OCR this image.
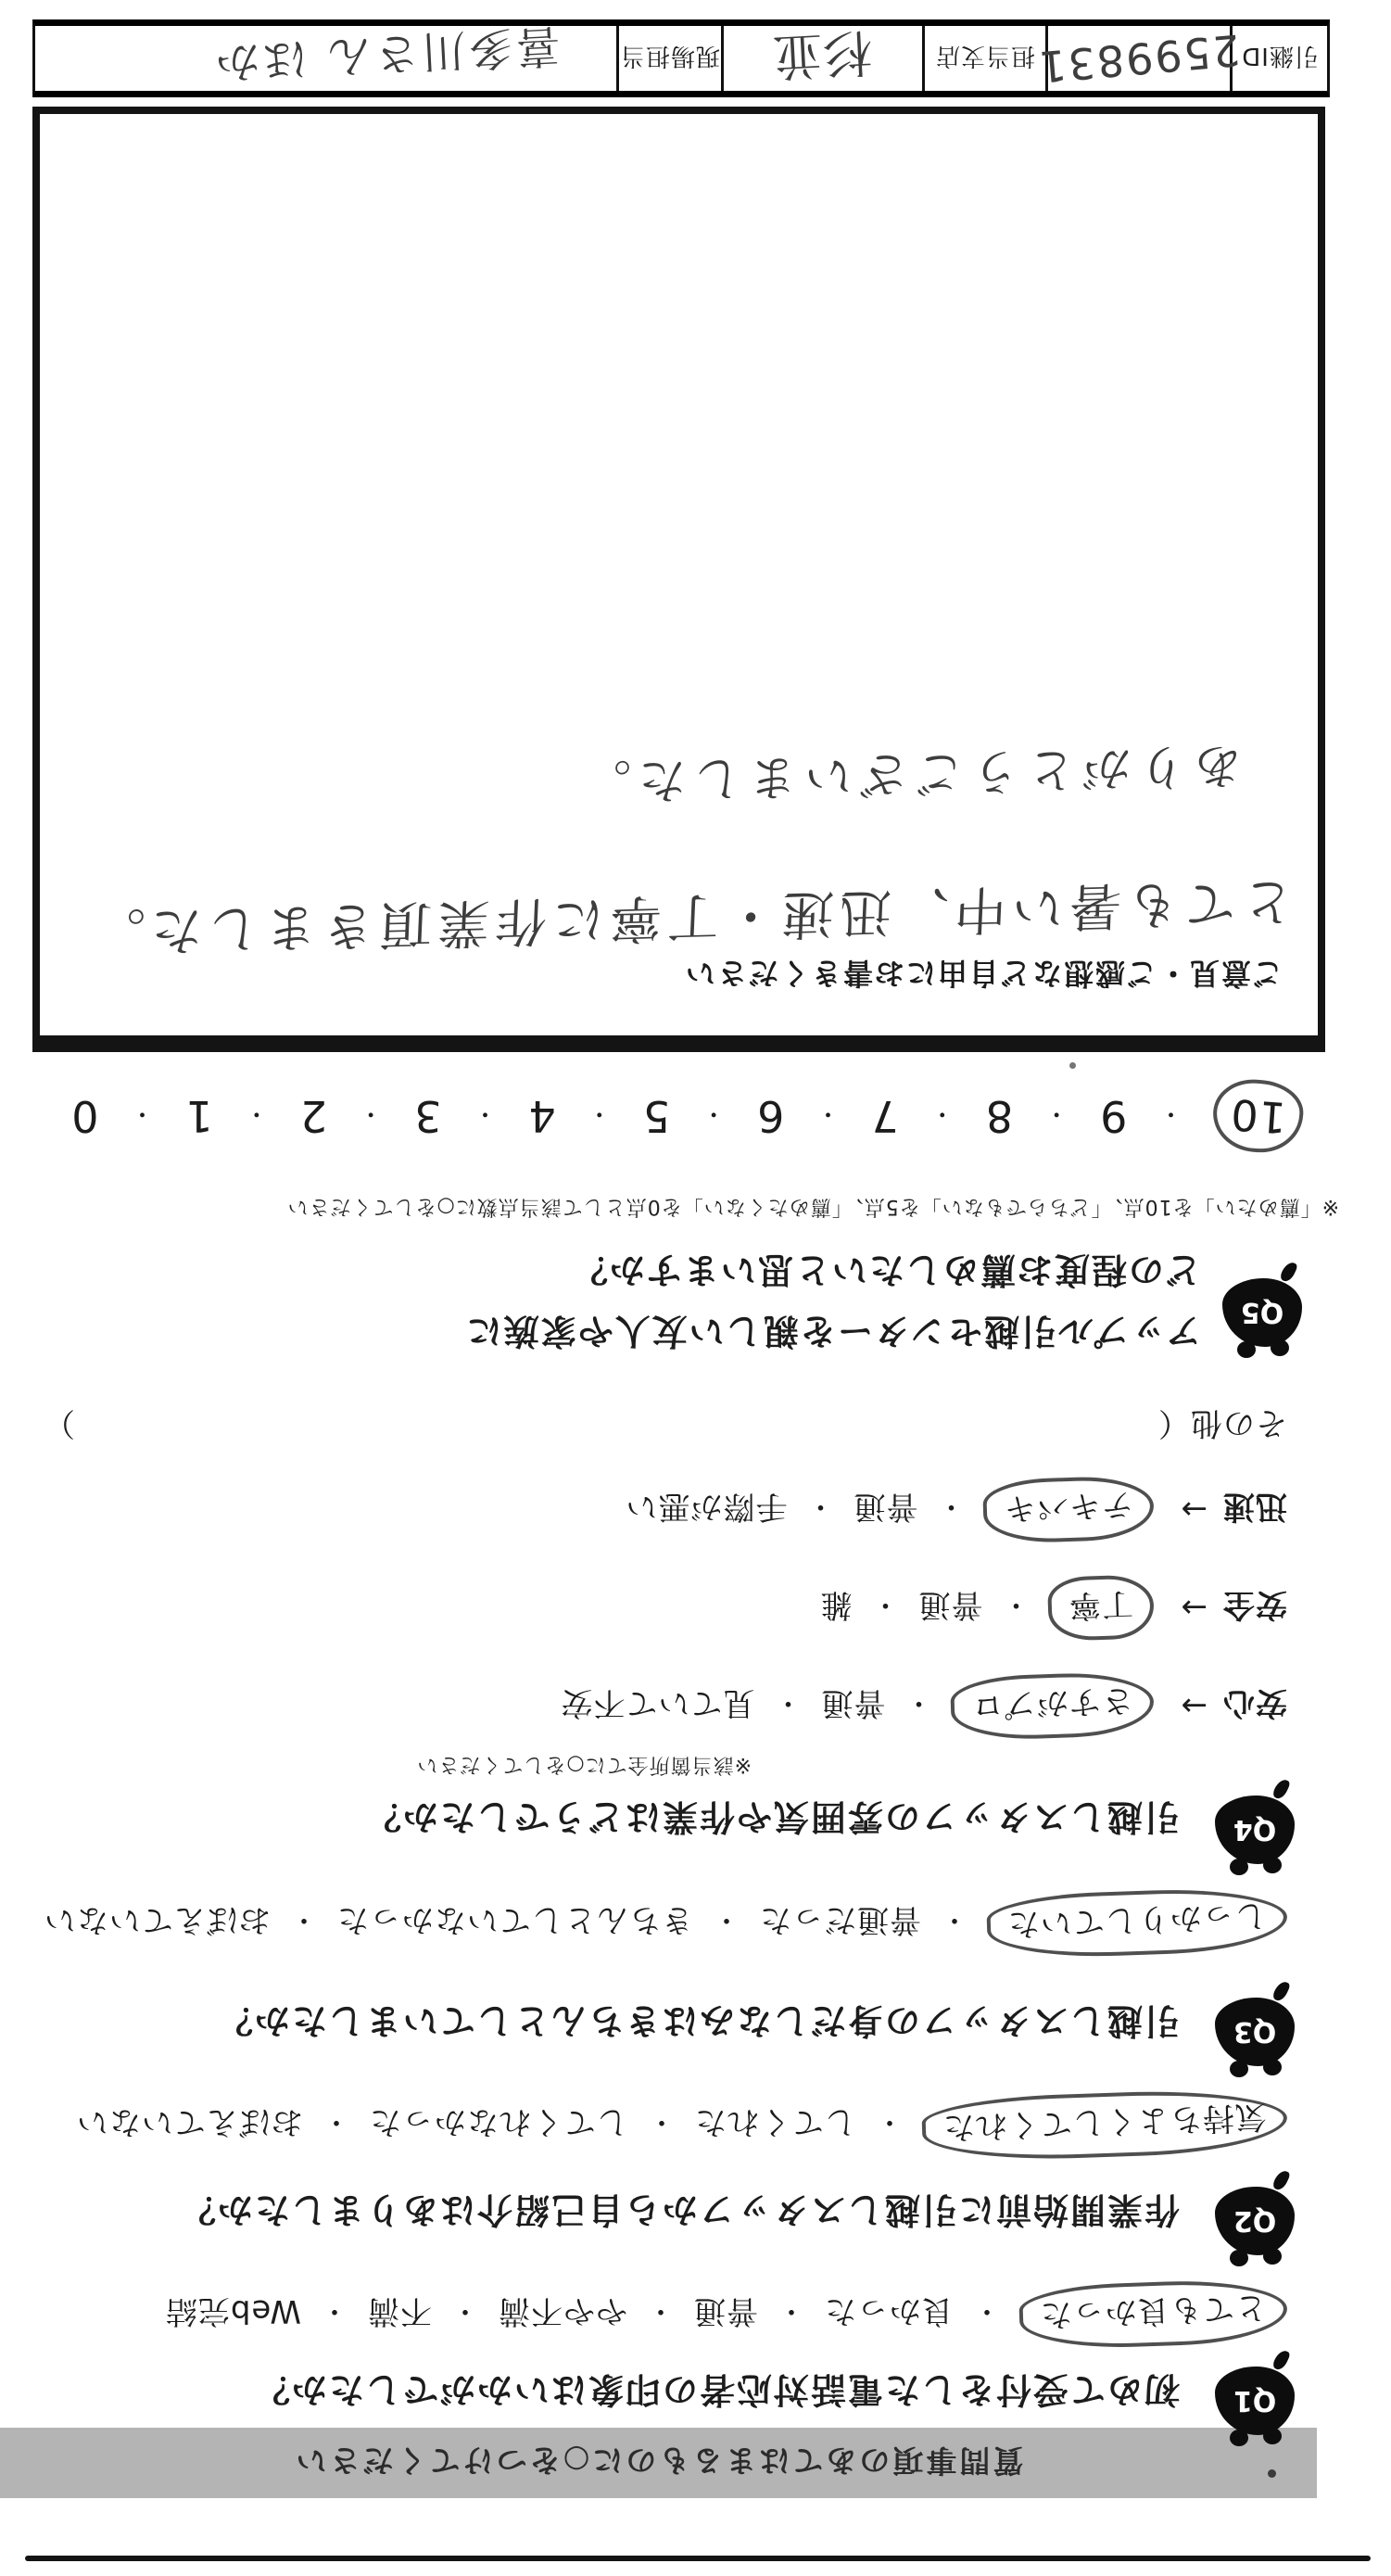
質問事項のあてはまるものに○をつけてください
Q1
初めて受付をした電話対応者の印象はいかがでしたか？
とても良かった
・
良かった
・
普通
・
やや不満
・
不満
・
Web完結
Q2
作業開始前に引越しスタッフから自己紹介はありましたか？
気持ちよくしてくれた
・
してくれた
・
してくれなかった
・
おぼえていない
Q3
引越しスタッフの身だしなみはきちんとしていましたか？
しっかりしていた
・
普通だった
・
きちんとしていなかった
・
おぼえていない
Q4
引越しスタッフの雰囲気や作業はどうでしたか？
※該当箇所全てに○をしてください
安心
→
さすがプロ
・
普通
・
見ていて不安
安全
→
丁寧
・
普通
・
雑
迅速
→
テキパキ
・
普通
・
手際が悪い
その他（
）
Q5
アップル引越センターを親しい友人や家族に
どの程度お薦めしたいと思いますか？
※「薦めたい」を10点、「どちらでもない」を5点、「薦めたくない」を0点として該当点数に○をしてください
10
・
9
・
8
・
7
・
6
・
5
・
4
・
3
・
2
・
1
・
0
ご意見・ご感想など自由にお書きください
とても暑い中、迅速・丁寧に作業頂きました。
ありがとうございました。
引継ID
2599831
担当支店
杉並
現場担当
喜多川さん ほか
